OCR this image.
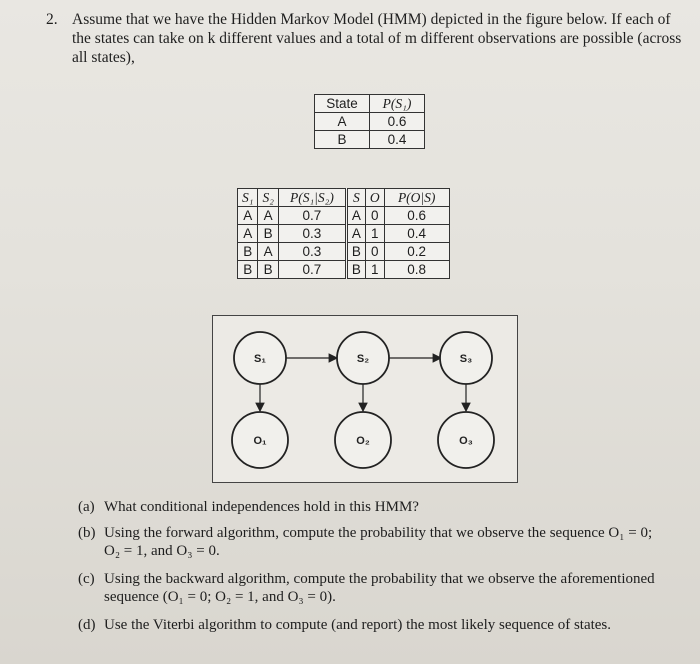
2. Assume that we have the Hidden Markov Model (HMM) depicted in the figure below. If each of the states can take on k different values and a total of m different observations are possible (across all states),
State	P(S₁)
A	0.6
B	0.4
S₁	S₂	P(S₁|S₂)	S	O	P(O|S)
A	A	0.7	A	0	0.6
A	B	0.3	A	1	0.4
B	A	0.3	B	0	0.2
B	B	0.7	B	1	0.8
S₁	S₂	S₃
O₁	O₂	O₃
(a) What conditional independences hold in this HMM?
(b) Using the forward algorithm, compute the probability that we observe the sequence O₁ = 0; O₂ = 1, and O₃ = 0.
(c) Using the backward algorithm, compute the probability that we observe the aforementioned sequence (O₁ = 0; O₂ = 1, and O₃ = 0).
(d) Use the Viterbi algorithm to compute (and report) the most likely sequence of states.
